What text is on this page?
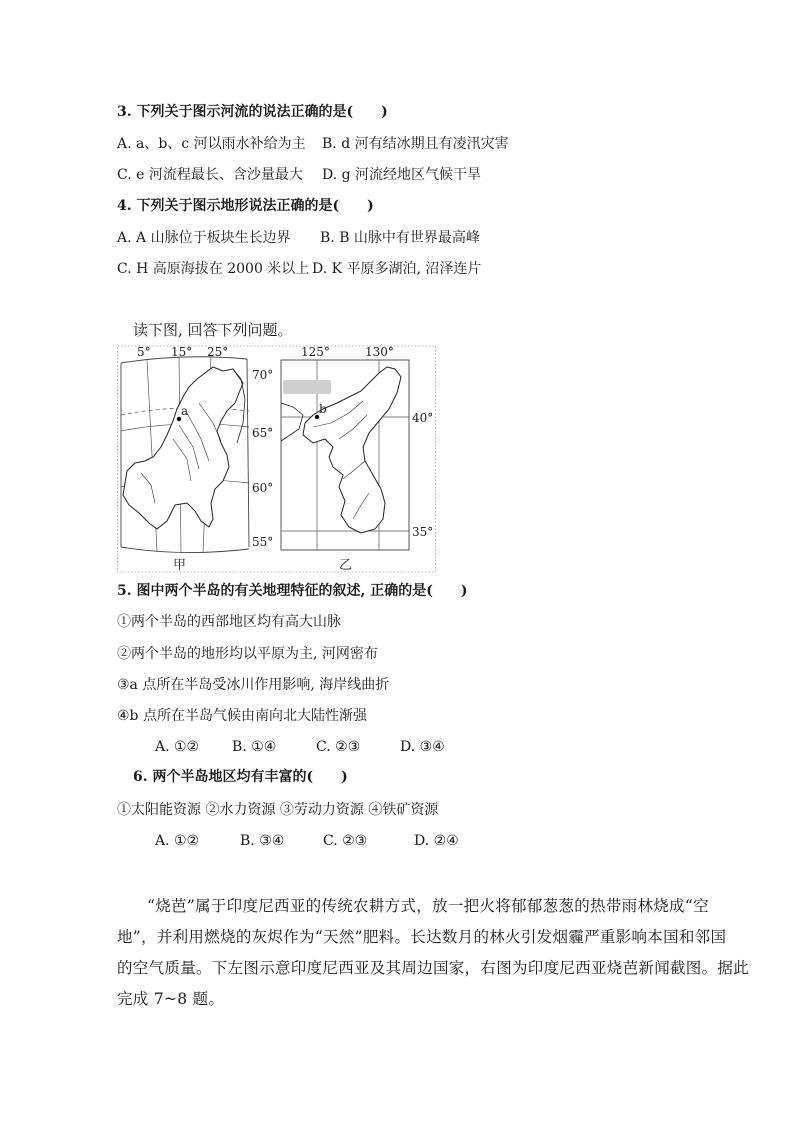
3. 下列关于图示河流的说法正确的是(　　)
A. a、b、c 河以雨水补给为主 B. d 河有结冰期且有凌汛灾害
C. e 河流程最长、含沙量最大 D. g 河流经地区气候干旱
4. 下列关于图示地形说法正确的是(　　)
A. A 山脉位于板块生长边界 B. B 山脉中有世界最高峰
C. H 高原海拔在 2000 米以上 D. K 平原多湖泊, 沼泽连片
读下图, 回答下列问题。
a
5° 15° 25°
70°
65°
60°
55°
甲
b
125°	130°
40°
35°
乙
5. 图中两个半岛的有关地理特征的叙述, 正确的是(　　)
①两个半岛的西部地区均有高大山脉
②两个半岛的地形均以平原为主, 河网密布
③a 点所在半岛受冰川作用影响, 海岸线曲折
④b 点所在半岛气候由南向北大陆性渐强
A. ①② B. ①④	C. ②③	D. ③④
6. 两个半岛地区均有丰富的(　　)
①太阳能资源 ②水力资源 ③劳动力资源 ④铁矿资源
A. ①②	B. ③④	C. ②③	D. ②④
“烧芭”属于印度尼西亚的传统农耕方式，放一把火将郁郁葱葱的热带雨林烧成“空
地”，并利用燃烧的灰烬作为“天然”肥料。长达数月的林火引发烟霾严重影响本国和邻国
的空气质量。下左图示意印度尼西亚及其周边国家，右图为印度尼西亚烧芭新闻截图。据此
完成 7~8 题。
